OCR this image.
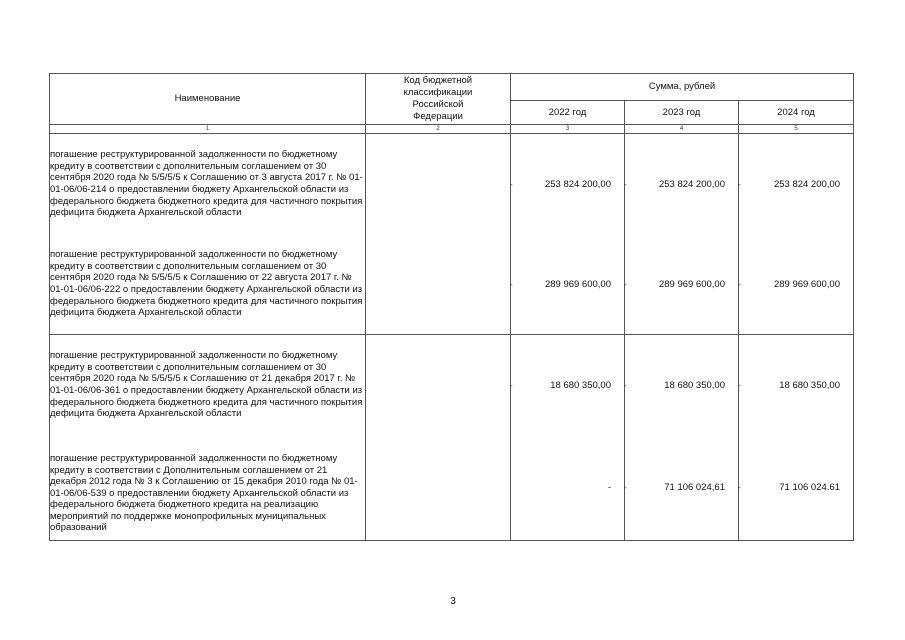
Наименование	Код бюджетной классификации Российской Федерации	Сумма, рублей		
		2022 год	2023 год	2024 год
1	2	3	4	5
погашение реструктурированной задолженности по бюджетному кредиту в соответствии с дополнительным соглашением от 30 сентября 2020 года № 5/5/5/5 к Соглашению от 3 августа 2017 г. № 01-01-06/06-214 о предоставлении бюджету Архангельской области из федерального бюджета бюджетного кредита для частичного покрытия дефицита бюджета Архангельской области		- 253 824 200,00	- 253 824 200,00	- 253 824 200,00

погашение реструктурированной задолженности по бюджетному кредиту в соответствии с дополнительным соглашением от 30 сентября 2020 года № 5/5/5/5 к Соглашению от 22 августа 2017 г. № 01-01-06/06-222 о предоставлении бюджету Архангельской области из федерального бюджета бюджетного кредита для частичного покрытия дефицита бюджета Архангельской области		- 289 969 600,00	- 289 969 600,00	- 289 969 600,00

погашение реструктурированной задолженности по бюджетному кредиту в соответствии с дополнительным соглашением от 30 сентября 2020 года № 5/5/5/5 к Соглашению от 21 декабря 2017 г. № 01-01-06/06-361 о предоставлении бюджету Архангельской области из федерального бюджета бюджетного кредита для частичного покрытия дефицита бюджета Архангельской области		- 18 680 350,00	- 18 680 350,00	- 18 680 350,00

погашение реструктурированной задолженности по бюджетному кредиту в соответствии с Дополнительным соглашением от 21 декабря 2012 года № 3 к Соглашению от 15 декабря 2010 года № 01-01-06/06-539 о предоставлении бюджету Архангельской области из федерального бюджета бюджетного кредита на реализацию мероприятий по поддержке монопрофильных муниципальных образований		-	- 71 106 024,61	- 71 106 024.61
3
